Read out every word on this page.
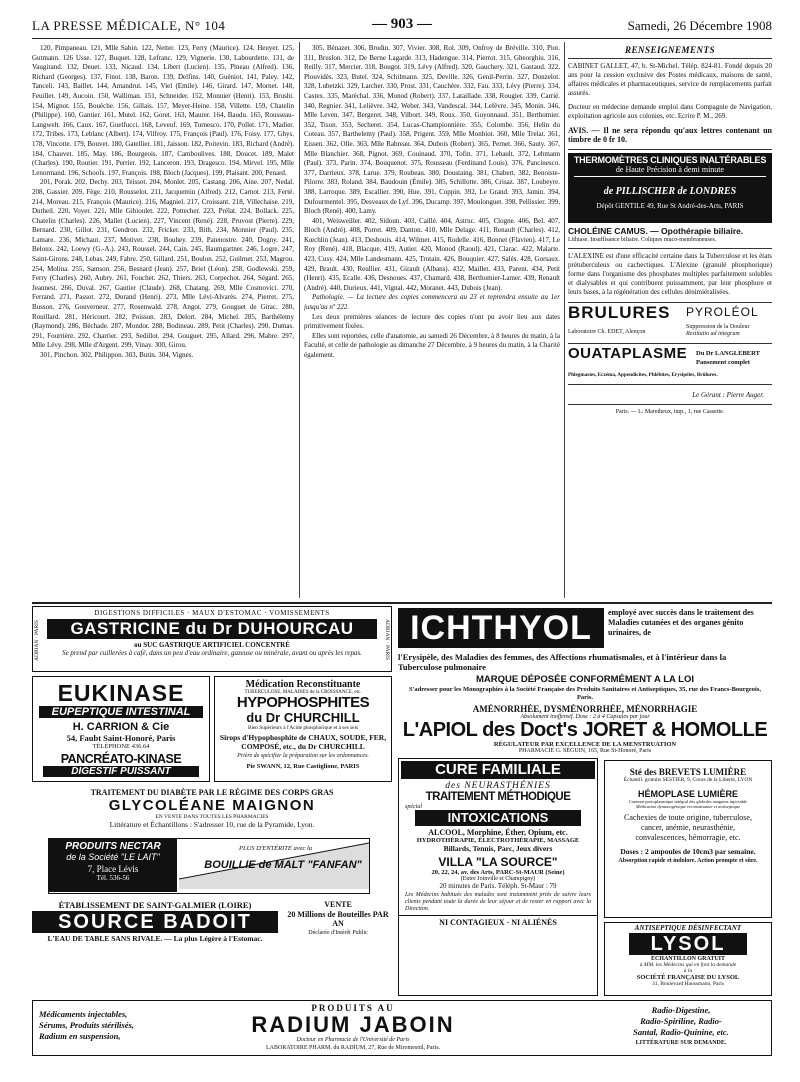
LA PRESSE MÉDICALE, N° 104	— 903 —	Samedi, 26 Décembre 1908

120, Pimpaneau. 121, Mlle Sabin. 122, Netter. 123, Ferry (Maurice). 124, Heuyer. 125, Gutmann. 126 Usse. 127, Buquet. 128, Lefranc. 129, Vignerie. 130, Labourdette. 131, de Vaugirand. 132, Deuet. 133, Nicaud. 134, Libert (Lucien). 135, Pineau (Alfred). 136, Richard (Georges). 137, Finot. 138, Baron. 139, Delfins. 140, Guéniot. 141, Paley. 142, Tanceli. 143, Baillet. 144, Amandrut. 145, Viel (Emile). 146, Girard. 147, Mornet. 148, Feuillet. 149, Aucoin. 150, Walliman. 151, Schneider. 152, Monnier (Henri). 153, Brushi. 154, Mignot. 155, Bouèche. 156, Gillais. 157, Meyer-Heine. 158, Villette. 159, Chatelin (Philippe). 160, Gantier. 161, Mutel. 162, Goret. 163, Maurer. 164, Baudu. 165, Rousseau-Langwelt. 166, Caux. 167, Guelfucci. 168, Leveuf. 169, Turnesco. 170, Pollet. 171, Madier. 172, Tribes. 173, Leblanc (Albert). 174, Vilfroy. 175, François (Paul). 176, Foisy. 177, Ghys. 178, Vincotte. 179, Bouvet. 180, Gatellier. 181, Jaisson. 182, Poitevin. 183, Richard (André). 184, Chauvet. 185, May. 186, Bourgeois. 187, Camboulives. 188, Doucet. 189, Malet (Charles). 190, Routier. 191, Perrier. 192, Lanceron. 193, Dragesco. 194, Mirvel. 195, Mlle Lenormand. 196, Schoofs. 197, François. 198, Bloch (Jacques). 199, Plaisant. 200, Penard.

201, Porak. 202, Dechy. 203, Teissot. 204, Monlet. 205, Castang. 206, Aine. 207, Nedal. 208, Gassier. 209, Fège. 210, Rousselot. 211, Jacquemin (Alfred). 212, Carnot. 213, Ferté. 214, Moreau. 215, François (Maurice). 216, Magniel. 217, Croissant. 218, Villechaise. 219, Dutheil. 220, Voyer. 221, Mlle Gibioulet. 222, Pottecher. 223, Prélat. 224, Bollack. 225, Chatelin (Charles). 226, Mallet (Lucien). 227, Vincent (René). 228, Pruvost (Pierre). 229, Bernard. 230, Gillot. 231, Gendron. 232, Fricker. 233, Bith. 234, Monnier (Paul). 235, Lamare. 236, Michaut. 237, Motivet. 238, Bouhey. 239, Patenostre. 240, Dogny. 241, Beloux. 242, Loewy (G.-A.). 243, Roussel. 244, Cain. 245, Baumgartner. 246, Logre. 247, Saint-Girons. 248, Lebas. 249, Fabre. 250, Gillard. 251, Boulon. 252, Guilmet. 253, Magrou. 254, Molina. 255, Samson. 256, Besnard (Jean). 257, Briel (Léon). 258, Godlewski. 259, Ferry (Charles). 260, Aubry. 261, Fouchet. 262, Thiers. 263, Corpechot. 264, Ségard. 265, Jeannest. 266, Duval. 267, Gautier (Claude). 268, Chatang. 269, Mlle Cosmovici. 270, Ferrand. 271, Passot. 272, Durand (Henri). 273, Mlle Lévi-Alvarès. 274, Pierret. 275, Busson. 276, Gouverneur. 277, Rosenwald. 278, Angot. 279, Gouguet de Girac. 280, Rouillard. 281, Héricourt. 282, Poisson. 283, Delort. 284, Michel. 285, Barthélemy (Raymond). 286, Béchade. 287, Mondor. 288, Bodineau. 289, Petit (Charles). 290, Dumas. 291, Fourrière. 292, Charrier. 293, Sedillot. 294, Gouguet. 295, Allard. 296, Mabre. 297, Mlle Lévy. 298, Mlle d'Argent. 299, Vinay. 300, Girou.

301, Pinchon. 302, Philippon. 303, Butin. 304, Vignes.

305, Bénazet. 306, Brodin. 307, Vivier. 308, Rol. 309, Onfroy de Bréville. 310, Piot. 311, Bruslon. 312, De Berne Lagarde. 313, Hadengue. 314, Pierrot. 315, Gheorghiu. 316, Reilly. 317, Mercier. 318, Bougot. 319, Lévy (Alfred). 320, Gauchery. 321, Gastaud. 322, Plouvidès. 323, Butel. 324, Schilmann. 325, Deville. 326, Genil-Perrin. 327, Donzelot. 328, Lubetzki. 329, Larcher. 330, Prost. 331, Cauchère. 332, Fau. 333, Lévy (Pierre). 334, Castex. 335, Maréchal. 336, Monod (Robert). 337, Lataillade. 338, Rougier. 339, Carrié. 340, Regnier. 341, Lelièvre. 342, Weber. 343, Vandescal. 344, Lefèvre. 345, Monin. 346, Mlle Leven. 347, Bergeret. 348, Vilbort. 349, Roux. 350, Guyonnaud. 351, Berthomier. 352, Tison. 353, Secheret. 354, Lucas-Championnière. 355, Colombe. 356, Helin du Coteau. 357, Barthelemy (Paul). 358, Prigent. 359, Mlle Monbiot. 360, Mlle Trelat. 361, Eissen. 362, Olle. 363, Mlle Rabreau. 364, Dubois (Robert). 365, Pernet. 366, Sauty. 367, Mlle Blanchier. 368, Pignot. 369, Couinaud. 370, Tofin. 371, Lebault. 372, Lehmann (Paul). 373, Parin. 374, Bouquenot. 375, Rousseau (Ferdinand Louis). 376, Pancinesco. 377, Darrieux. 378, Larue. 379, Roubeau. 380, Doustaing. 381, Chabert. 382, Benoiste-Pilorre. 383, Roland. 384, Baudouin (Émile). 385, Schillotte. 386, Crisaz. 387, Loubeyre. 388, Larroque. 389, Escallier. 390, Hue. 391, Coppin. 392, Le Grand. 393, Jamin. 394, Dufourmentel. 395, Desveaux de Lyf. 396, Ducamp. 397, Moulonguet. 398, Pellissier. 399, Bloch (René). 400, Lamy.

401, Weisweiller. 402, Sidoun. 403, Caillé. 404, Astruc. 405, Clogne. 406, Bel. 407, Bloch (André). 408, Porret. 409, Danton. 410, Mlle Delage. 411, Renault (Charles). 412, Kœchlin (Jean). 413, Desbouis. 414, Wilmet. 415, Rodelle. 416, Bonnet (Flavien). 417, Le Roy (René). 418, Blacque. 419, Autier. 420, Monod (Raoul). 421, Clarac. 422, Malarte. 423, Cusy. 424, Mlle Landesmann. 425, Trotain. 426, Bouquier. 427, Salés. 428, Gorsaux. 429, Brault. 430, Reullier. 431, Girault (Albans). 432, Maillet. 433, Parent. 434, Petit (Henri). 435, Ecalle. 436, Desnoues. 437, Chamard. 438, Berthomier-Lamer. 439, Renault (André). 440, Durieux. 441, Vignal. 442, Moranet. 443, Dubois (Jean).

Pathologie. — La lecture des copies commencera au 23 et reprendra ensuite au 1er jusqu'au nº 222.

Les deux premières séances de lecture des copies n'ont pu avoir lieu aux dates primitivement fixées.

Elles sont reportées, celle d'anatomie, au samedi 26 Décembre, à 8 heures du matin, à la Faculté, et celle de pathologie au dimanche 27 Décembre, à 9 heures du matin, à la Charité également.

RENSEIGNEMENTS
CABINET GALLET, 47, b. St-Michel. Télép. 824-81. Fondé depuis 20 ans pour la cession exclusive des Postes médicaux, maisons de santé, affaires médicales et pharmaceutiques, service de remplacements parfait assurés.
Docteur en médecine demande emploi dans Compagnie de Navigation, exploitation agricole aux colonies, etc. Ecrire P. M., 269.
AVIS. — Il ne sera répondu qu'aux lettres contenant un timbre de 0 fr 10.
THERMOMÈTRES CLINIQUES INALTÉRABLES
de Haute Précision à demi minute
de PILLISCHER de LONDRES
Dépôt GENTILE 49, Rue St André-des-Arts, PARIS
CHOLÉINE CAMUS. — Opothérapie biliaire.
Lithiase. Insuffisance biliaire. Coliques muco-membraneuses.
L'ALEXINE est d'une efficacité certaine dans la Tuberculose et les états prétuberculeux ou cachectiques. L'Alexine (granulé phosphorique) forme dans l'organisme des phosphates multiples parfaitement solubles et dialysables et qui contribuent puissamment, par leur phosphore et leurs bases, à la régénération des cellules dénimiéralisées.
BRULURES
Laboratoire Ch. EDET, Alençon
PYROLÉOL
Suppression de la Douleur
Restitutio ad integrum
OUATAPLASME Du Dr LANGLEBERT
Pansement complet
Phlegmasies, Eczéma, Appendicites, Phlébites, Erysipèles, Brûlures.
Le Gérant : Pierre Auger.
Paris. — L. Maretheux, imp., 1, rue Cassette.
DIGESTIONS DIFFICILES · MAUX D'ESTOMAC · VOMISSEMENTS
GASTRICINE du Dr DUHOURCAU
ou SUC GASTRIQUE ARTIFICIEL CONCENTRÉ
Se prend par cuillerées à café, dans un peu d'eau ordinaire, gazeuse ou minérale, avant ou après les repas.
ADRIAN · PARIS	ADRIAN · PARIS
EUKINASE
EUPEPTIQUE INTESTINAL
H. CARRION & Cie
54, Faubt Saint-Honoré, Paris
TÉLÉPHONE 436.64
PANCRÉATO-KINASE
DIGESTIF PUISSANT
Médication Reconstituante
TUBERCULOSE, MALADIES de la CROISSANCE, etc.
HYPOPHOSPHITES
du Dr CHURCHILL
Bien Supérieurs à l'Acide phosphorique et à ses sels
Sirops d'Hypophosphite de CHAUX, SOUDE, FER, COMPOSÉ, etc., du Dr CHURCHILL
Prière de spécifier la préparation sur les ordonnances.
Pie SWANN, 12, Rue Castiglione, PARIS
TRAITEMENT DU DIABÈTE PAR LE RÉGIME DES CORPS GRAS
GLYCOLÉANE MAIGNON
EN VENTE DANS TOUTES LES PHARMACIES
Littérature et Échantillons : S'adresser 10, rue de la Pyramide, Lyon.
PRODUITS NECTAR
de la Société "LE LAIT"
7, Place Lévis
Tél. 536-56
PLUS D'ENTÉRITE avec la
BOUILLIE de MALT "FANFAN"
ÉTABLISSEMENT DE SAINT-GALMIER (LOIRE)
SOURCE BADOIT
L'EAU DE TABLE SANS RIVALE. — La plus Légère à l'Estomac.
VENTE
20 Millions de Bouteilles PAR AN
Déclarée d'Intérêt Public
Médicaments injectables,
Sérums, Produits stérilisés,
Radium en suspension,
PRODUITS AU
RADIUM JABOIN
Docteur en Pharmacie de l'Université de Paris
LABORATOIRE PHARM. du RADIUM, 27, Rue de Miromesnil, Paris.
Radio-Digestine,
Radio-Spiriline, Radio-
Santal, Radio-Quinine, etc.
LITTÉRATURE SUR DEMANDE.
ICHTHYOL	employé avec succès dans le traitement des Maladies cutanées et des organes génito urinaires, de
l'Erysipèle, des Maladies des femmes, des Affections rhumatismales, et à l'intérieur dans la Tuberculose pulmonaire
MARQUE DÉPOSÉE CONFORMÉMENT A LA LOI
S'adresser pour les Monographies à la Société Française des Produits Sanitaires et Antiseptiques, 35, rue des Francs-Bourgeois, Paris.
AMÉNORRHÉE, DYSMÉNORRHÉE, MÉNORRHAGIE
Absolument inoffensif. Dose : 2 à 4 Capsules par jour
L'APIOL des Doct's JORET & HOMOLLE
RÉGULATEUR PAR EXCELLENCE DE LA MENSTRUATION
PHARMACIE G. SÉGUIN, 165, Rue St-Honoré, Paris
CURE FAMILIALE
des NEURASTHÉNIES
TRAITEMENT MÉTHODIQUE
spécial
INTOXICATIONS
ALCOOL, Morphine, Éther, Opium, etc.
HYDROTHÉRAPIE, ÉLECTROTHÉRAPIE, MASSAGE
Billards, Tennis, Parc, Jeux divers
VILLA "LA SOURCE"
20, 22, 24, av. des Arts, PARC-St-MAUR (Seine)
(Entre Joinville et Champigny)
20 minutes de Paris. Téléph. St-Maur : 79
Les Médecins habitués des malades sont instamment priés de suivre leurs clients pendant toute la durée de leur séjour et de rester en rapport avec la Direction.
NI CONTAGIEUX · NI ALIÉNÉS
Sté des BREVETS LUMIÈRE
Échantil. gratuits SESTIER, 9, Cours de la Liberté, LYON
HÉMOPLASE LUMIÈRE
Contenu protoplasmique intégral des globules sanguins injectable
Médication dynamogénique reconstituante et antiseptique
Cachexies de toute origine, tuberculose, cancer, anémie, neurasthénie, convalescences, hémorragie, etc.
Doses : 2 ampoules de 10cm3 par semaine.
Absorption rapide et indolore. Action prompte et sûre.
ANTISEPTIQUE DÉSINFECTANT
LYSOL
ÉCHANTILLON GRATUIT
à MM. les Médecins qui en font la demande
à la
SOCIÉTÉ FRANÇAISE DU LYSOL
31, Boulevard Haussmann, Paris
